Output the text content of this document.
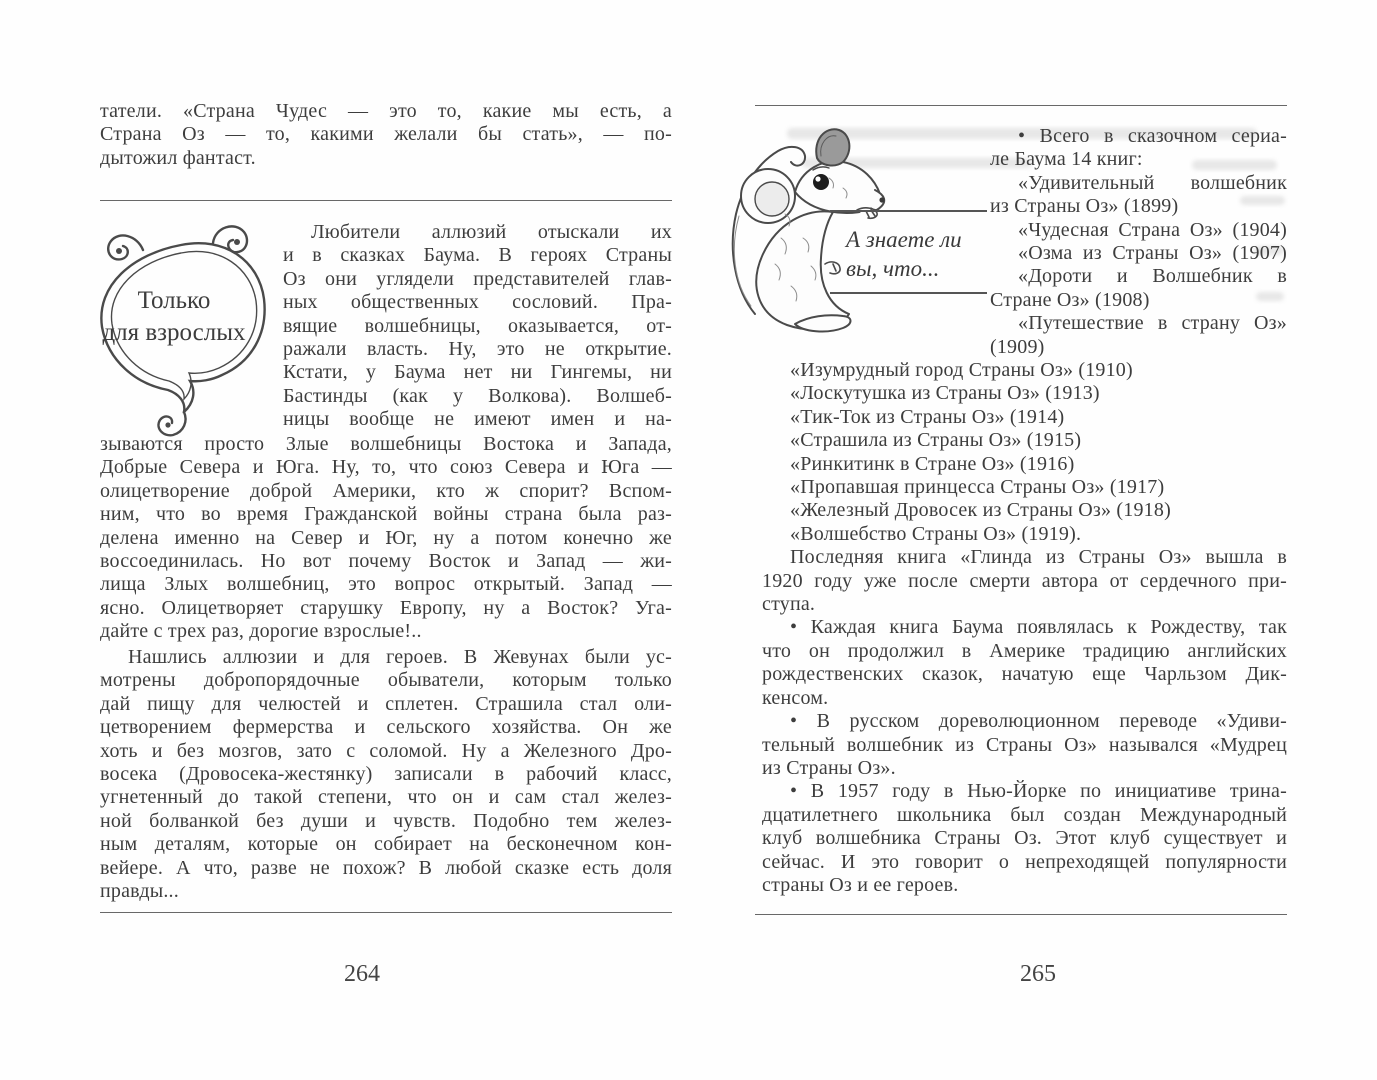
татели. «Страна Чудес — это то, какие мы есть, а
Страна Оз — то, какими желали бы стать», — по-
дытожил фантаст.
Только
для взрослых
Любители аллюзий отыскали их
и в сказках Баума. В героях Страны
Оз они углядели представителей глав-
ных общественных сословий. Пра-
вящие волшебницы, оказывается, от-
ражали власть. Ну, это не открытие.
Кстати, у Баума нет ни Гингемы, ни
Бастинды (как у Волкова). Волшеб-
ницы вообще не имеют имен и на-
зываются просто Злые волшебницы Востока и Запада,
Добрые Севера и Юга. Ну, то, что союз Севера и Юга —
олицетворение доброй Америки, кто ж спорит? Вспом-
ним, что во время Гражданской войны страна была раз-
делена именно на Север и Юг, ну а потом конечно же
воссоединилась. Но вот почему Восток и Запад — жи-
лища Злых волшебниц, это вопрос открытый. Запад —
ясно. Олицетворяет старушку Европу, ну а Восток? Уга-
дайте с трех раз, дорогие взрослые!..
Нашлись аллюзии и для героев. В Жевунах были ус-
мотрены добропорядочные обыватели, которым только
дай пищу для челюстей и сплетен. Страшила стал оли-
цетворением фермерства и сельского хозяйства. Он же
хоть и без мозгов, зато с соломой. Ну а Железного Дро-
восека (Дровосека-жестянку) записали в рабочий класс,
угнетенный до такой степени, что он и сам стал желез-
ной болванкой без души и чувств. Подобно тем желез-
ным деталям, которые он собирает на бесконечном кон-
вейере. А что, разве не похож? В любой сказке есть доля
правды...
264
А знаете ли
вы, что...
• Всего в сказочном сериа-
ле Баума 14 книг:
«Удивительный волшебник
из Страны Оз» (1899)
«Чудесная Страна Оз» (1904)
«Озма из Страны Оз» (1907)
«Дороти и Волшебник в
Стране Оз» (1908)
«Путешествие в страну Оз»
(1909)
«Изумрудный город Страны Оз» (1910)
«Лоскутушка из Страны Оз» (1913)
«Тик-Ток из Страны Оз» (1914)
«Страшила из Страны Оз» (1915)
«Ринкитинк в Стране Оз» (1916)
«Пропавшая принцесса Страны Оз» (1917)
«Железный Дровосек из Страны Оз» (1918)
«Волшебство Страны Оз» (1919).
Последняя книга «Глинда из Страны Оз» вышла в
1920 году уже после смерти автора от сердечного при-
ступа.
• Каждая книга Баума появлялась к Рождеству, так
что он продолжил в Америке традицию английских
рождественских сказок, начатую еще Чарльзом Дик-
кенсом.
• В русском дореволюционном переводе «Удиви-
тельный волшебник из Страны Оз» назывался «Мудрец
из Страны Оз».
• В 1957 году в Нью-Йорке по инициативе трина-
дцатилетнего школьника был создан Международный
клуб волшебника Страны Оз. Этот клуб существует и
сейчас. И это говорит о непреходящей популярности
страны Оз и ее героев.
265
